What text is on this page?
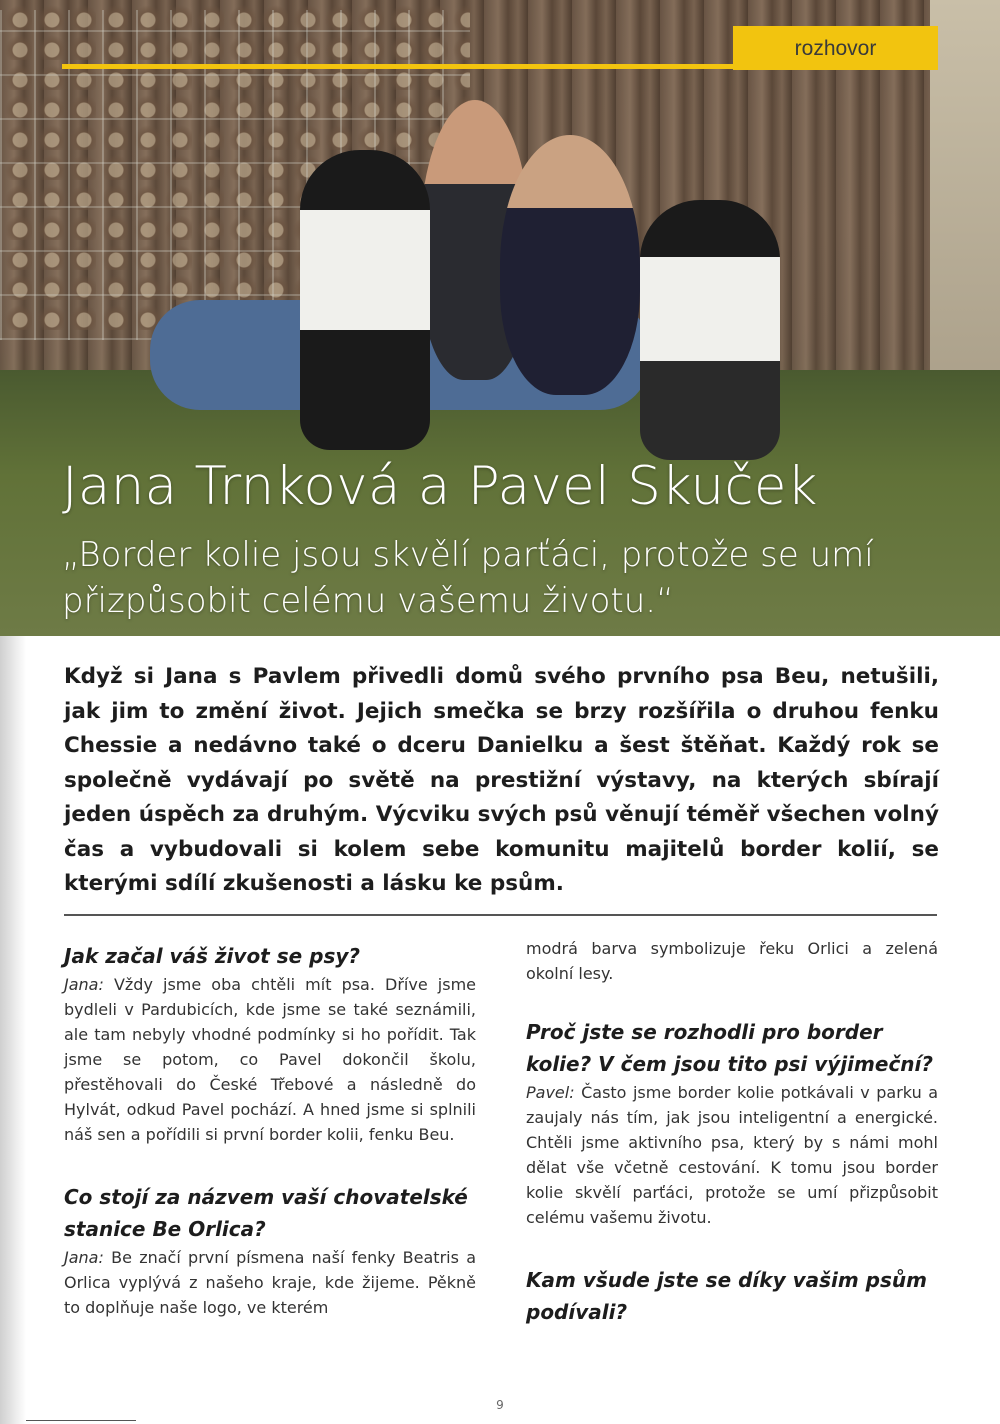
rozhovor
Jana Trnková a Pavel Skuček

„Border kolie jsou skvělí parťáci, protože se umí přizpůsobit celému vašemu životu.“

Když si Jana s Pavlem přivedli domů svého prvního psa Beu, netušili, jak jim to změní život. Jejich smečka se brzy rozšířila o druhou fenku Chessie a nedávno také o dceru Danielku a šest štěňat. Každý rok se společně vydávají po světě na prestižní výstavy, na kterých sbírají jeden úspěch za druhým. Výcviku svých psů věnují téměř všechen volný čas a vybudovali si kolem sebe komunitu majitelů border kolií, se kterými sdílí zkušenosti a lásku ke psům.

Jak začal váš život se psy?

Jana: Vždy jsme oba chtěli mít psa. Dříve jsme bydleli v Pardubicích, kde jsme se také seznámili, ale tam nebyly vhodné podmínky si ho pořídit. Tak jsme se potom, co Pavel dokončil školu, přestěhovali do České Třebové a následně do Hylvát, odkud Pavel pochází. A hned jsme si splnili náš sen a pořídili si první border kolii, fenku Beu.

Co stojí za názvem vaší chovatelské stanice Be Orlica?

Jana: Be značí první písmena naší fenky Beatris a Orlica vyplývá z našeho kraje, kde žijeme. Pěkně to doplňuje naše logo, ve kterém

modrá barva symbolizuje řeku Orlici a zelená okolní lesy.

Proč jste se rozhodli pro border kolie? V čem jsou tito psi výjimeční?

Pavel: Často jsme border kolie potkávali v parku a zaujaly nás tím, jak jsou inteligentní a energické. Chtěli jsme aktivního psa, který by s námi mohl dělat vše včetně cestování. K tomu jsou border kolie skvělí parťáci, protože se umí přizpůsobit celému vašemu životu.

Kam všude jste se díky vašim psům podívali?
9
